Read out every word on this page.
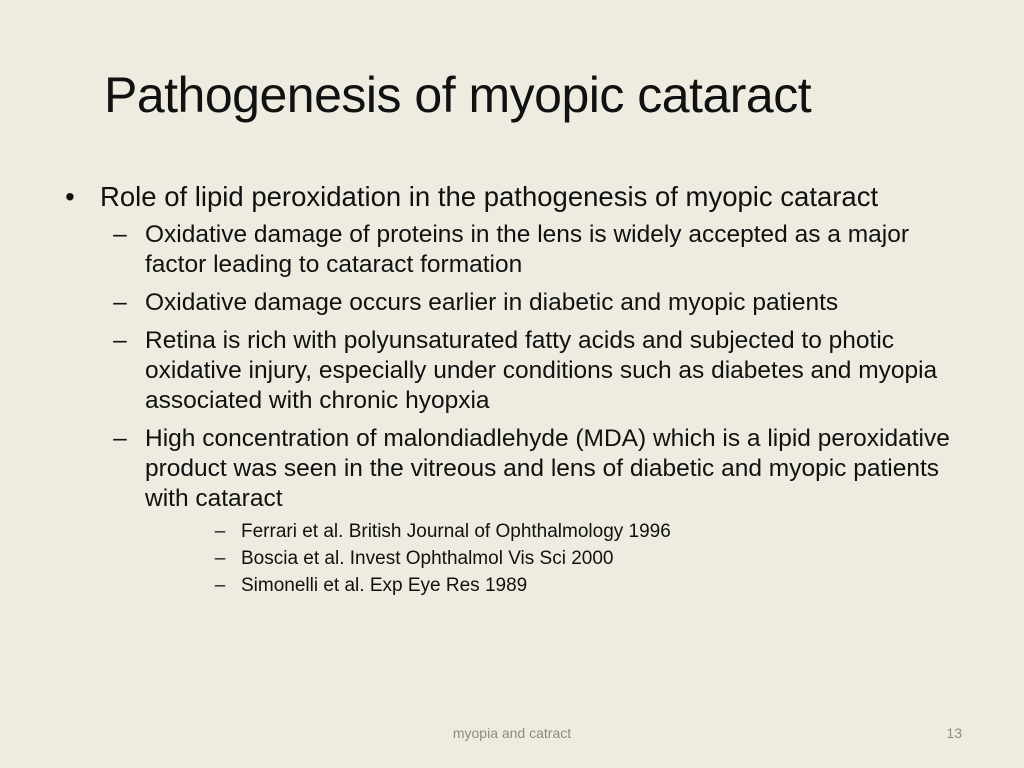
Pathogenesis of myopic cataract
• Role of lipid peroxidation in the pathogenesis of myopic cataract
– Oxidative damage of proteins in the lens is widely accepted as a major factor leading to cataract formation
– Oxidative damage occurs earlier in diabetic and myopic patients
– Retina is rich with polyunsaturated fatty acids and subjected to photic oxidative injury, especially under conditions such as diabetes and myopia associated with chronic hyopxia
– High concentration of malondiadlehyde (MDA) which is a lipid peroxidative product was seen in the vitreous and lens of diabetic and myopic patients with cataract
– Ferrari et al. British Journal of Ophthalmology 1996
– Boscia et al. Invest Ophthalmol Vis Sci 2000
– Simonelli et al. Exp Eye Res 1989
myopia and catract	13
